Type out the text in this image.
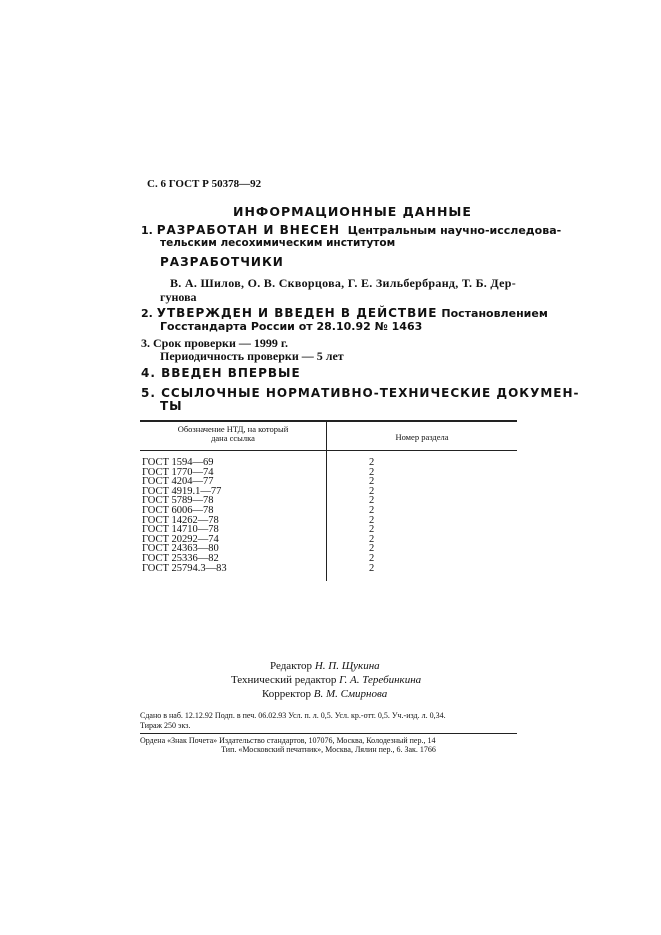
С. 6 ГОСТ Р 50378—92
ИНФОРМАЦИОННЫЕ ДАННЫЕ
1. РАЗРАБОТАН И ВНЕСЕН Центральным научно-исследова-
тельским лесохимическим институтом
РАЗРАБОТЧИКИ
В. А. Шилов, О. В. Скворцова, Г. Е. Зильбербранд, Т. Б. Дер-
гунова
2. УТВЕРЖДЕН И ВВЕДЕН В ДЕЙСТВИЕ Постановлением
Госстандарта России от 28.10.92 № 1463
3. Срок проверки — 1999 г.
Периодичность проверки — 5 лет
4. ВВЕДЕН ВПЕРВЫЕ
5. ССЫЛОЧНЫЕ НОРМАТИВНО-ТЕХНИЧЕСКИЕ ДОКУМЕН-
ТЫ
Обозначение НТД, на который
дана ссылка	Номер раздела
ГОСТ 1594—69	2
ГОСТ 1770—74	2
ГОСТ 4204—77	2
ГОСТ 4919.1—77	2
ГОСТ 5789—78	2
ГОСТ 6006—78	2
ГОСТ 14262—78	2
ГОСТ 14710—78	2
ГОСТ 20292—74	2
ГОСТ 24363—80	2
ГОСТ 25336—82	2
ГОСТ 25794.3—83	2
Редактор Н. П. Щукина
Технический редактор Г. А. Теребинкина
Корректор В. М. Смирнова
Сдано в наб. 12.12.92 Подп. в печ. 06.02.93 Усл. п. л. 0,5. Усл. кр.-отт. 0,5. Уч.-изд. л. 0,34.
Тираж 250 экз.
Ордена «Знак Почета» Издательство стандартов, 107076, Москва, Колодезный пер., 14
Тип. «Московский печатник», Москва, Лялин пер., 6. Зак. 1766
